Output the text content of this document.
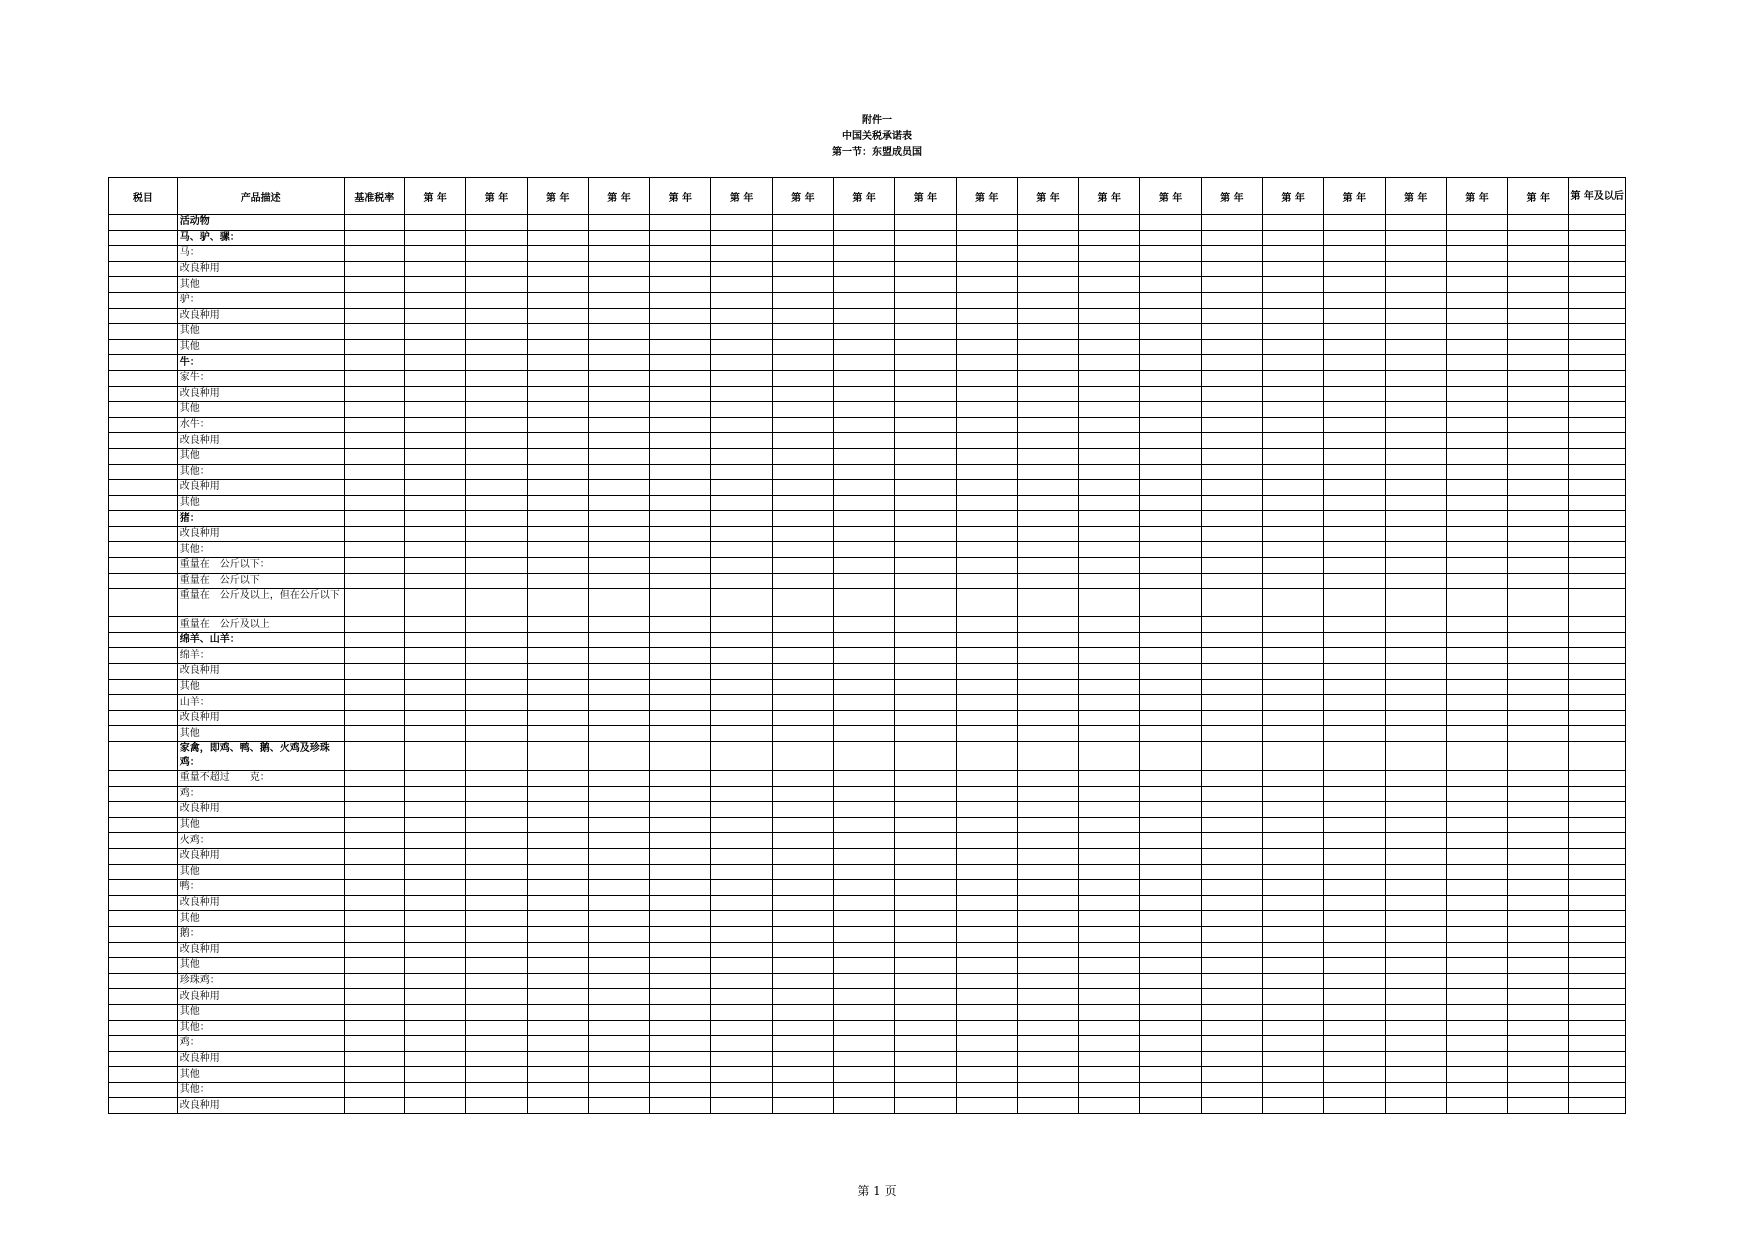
附件一
中国关税承诺表
第一节：东盟成员国
税目	产品描述	基准税率	第 年	第 年	第 年	第 年	第 年	第 年	第 年	第 年	第 年	第 年	第 年	第 年	第 年	第 年	第 年	第 年	第 年	第 年	第 年	第 年及以后
	活动物																					
	马、驴、骡：																					
	马：																					
	改良种用																					
	其他																					
	驴：																					
	改良种用																					
	其他																					
	其他																					
	牛：																					
	家牛：																					
	改良种用																					
	其他																					
	水牛：																					
	改良种用																					
	其他																					
	其他：																					
	改良种用																					
	其他																					
	猪：																					
	改良种用																					
	其他：																					
	重量在　公斤以下：																					
	重量在　公斤以下																					
	重量在　公斤及以上，但在公斤以下																					
	重量在　公斤及以上																					
	绵羊、山羊：																					
	绵羊：																					
	改良种用																					
	其他																					
	山羊：																					
	改良种用																					
	其他																					
	家禽，即鸡、鸭、鹅、火鸡及珍珠鸡：																					
	重量不超过　　克：																					
	鸡：																					
	改良种用																					
	其他																					
	火鸡：																					
	改良种用																					
	其他																					
	鸭：																					
	改良种用																					
	其他																					
	鹅：																					
	改良种用																					
	其他																					
	珍珠鸡：																					
	改良种用																					
	其他																					
	其他：																					
	鸡：																					
	改良种用																					
	其他																					
	其他：																					
	改良种用																					
第 1 页
